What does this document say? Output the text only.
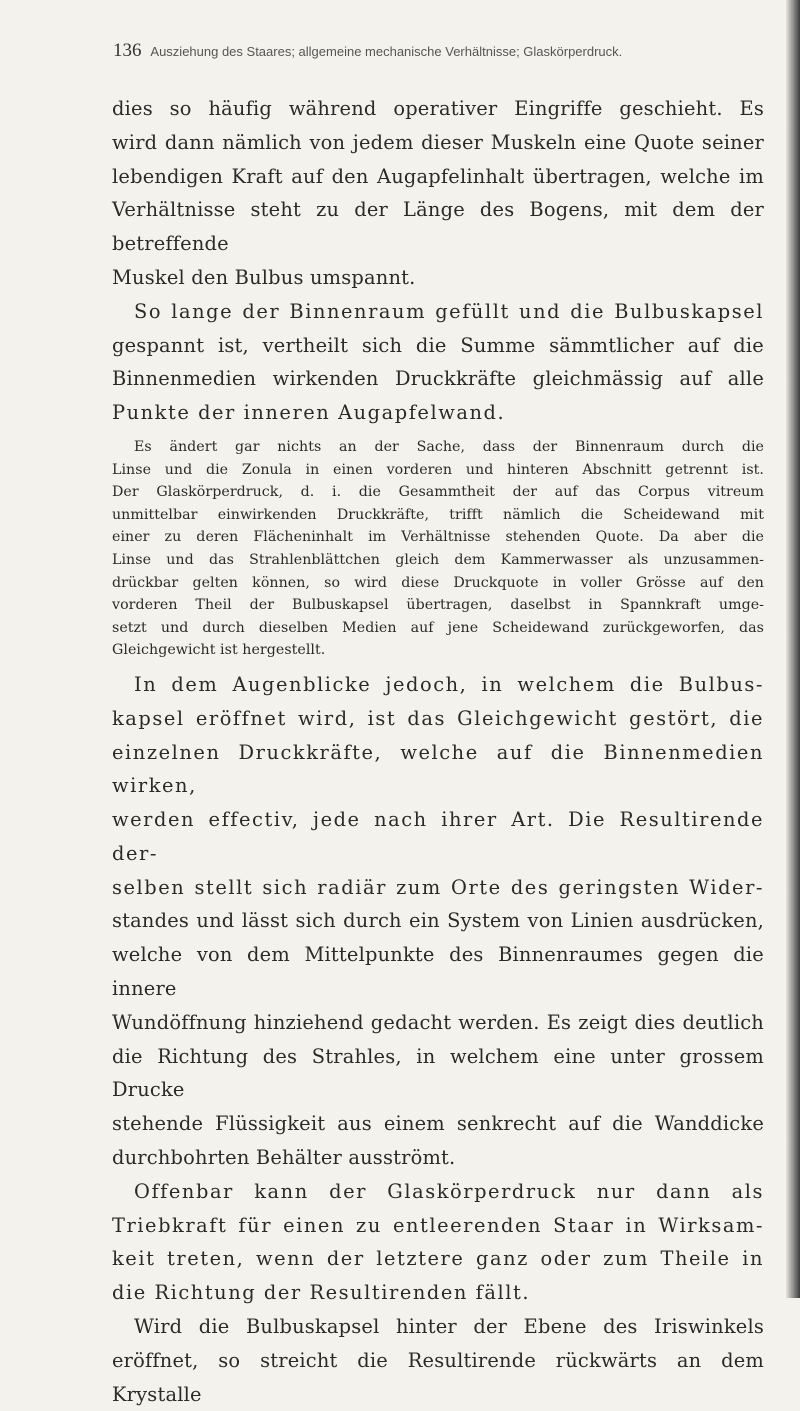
136 Ausziehung des Staares; allgemeine mechanische Verhältnisse; Glaskörperdruck.
dies so häufig während operativer Eingriffe geschieht. Es
wird dann nämlich von jedem dieser Muskeln eine Quote seiner
lebendigen Kraft auf den Augapfelinhalt übertragen, welche im
Verhältnisse steht zu der Länge des Bogens, mit dem der betreffende
Muskel den Bulbus umspannt.
So lange der Binnenraum gefüllt und die Bulbuskapsel
gespannt ist, vertheilt sich die Summe sämmtlicher auf die
Binnenmedien wirkenden Druckkräfte gleichmässig auf alle
Punkte der inneren Augapfelwand.
Es ändert gar nichts an der Sache, dass der Binnenraum durch die
Linse und die Zonula in einen vorderen und hinteren Abschnitt getrennt ist.
Der Glaskörperdruck, d. i. die Gesammtheit der auf das Corpus vitreum
unmittelbar einwirkenden Druckkräfte, trifft nämlich die Scheidewand mit
einer zu deren Flächeninhalt im Verhältnisse stehenden Quote. Da aber die
Linse und das Strahlenblättchen gleich dem Kammerwasser als unzusammen-
drückbar gelten können, so wird diese Druckquote in voller Grösse auf den
vorderen Theil der Bulbuskapsel übertragen, daselbst in Spannkraft umge-
setzt und durch dieselben Medien auf jene Scheidewand zurückgeworfen, das
Gleichgewicht ist hergestellt.
In dem Augenblicke jedoch, in welchem die Bulbus-
kapsel eröffnet wird, ist das Gleichgewicht gestört, die
einzelnen Druckkräfte, welche auf die Binnenmedien wirken,
werden effectiv, jede nach ihrer Art. Die Resultirende der-
selben stellt sich radiär zum Orte des geringsten Wider-
standes und lässt sich durch ein System von Linien ausdrücken,
welche von dem Mittelpunkte des Binnenraumes gegen die innere
Wundöffnung hinziehend gedacht werden. Es zeigt dies deutlich
die Richtung des Strahles, in welchem eine unter grossem Drucke
stehende Flüssigkeit aus einem senkrecht auf die Wanddicke
durchbohrten Behälter ausströmt.
Offenbar kann der Glaskörperdruck nur dann als
Triebkraft für einen zu entleerenden Staar in Wirksam-
keit treten, wenn der letztere ganz oder zum Theile in
die Richtung der Resultirenden fällt.
Wird die Bulbuskapsel hinter der Ebene des Iriswinkels
eröffnet, so streicht die Resultirende rückwärts an dem Krystalle
